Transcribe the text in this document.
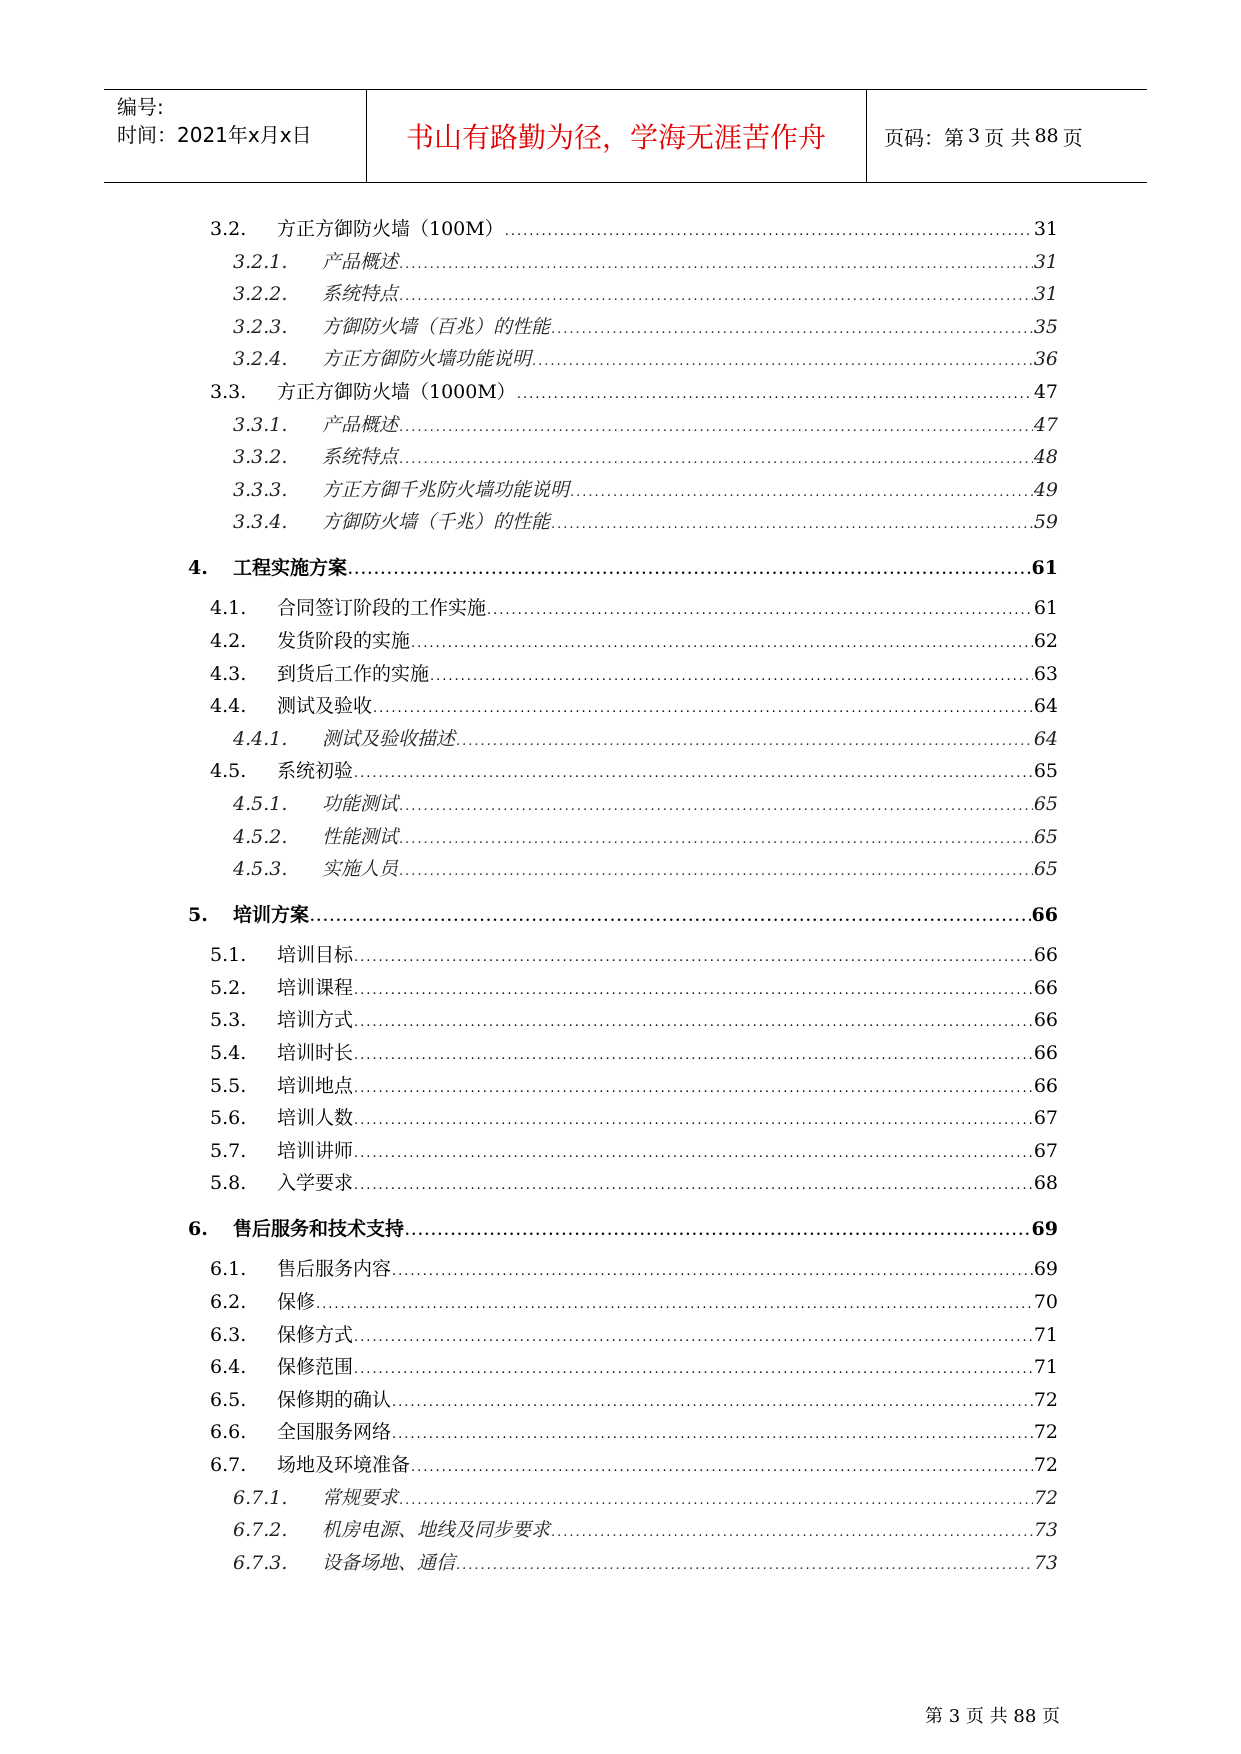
编号:
时间：2021年x月x日	书山有路勤为径，学海无涯苦作舟	页码：第 3 页 共 88 页
3.2.	方正方御防火墙（100M） .....	31
3.2.1.	产品概述 .....	31
3.2.2.	系统特点 .....	31
3.2.3.	方御防火墙（百兆）的性能 .....	35
3.2.4.	方正方御防火墙功能说明 .....	36
3.3.	方正方御防火墙（1000M） .....	47
3.3.1.	产品概述 .....	47
3.3.2.	系统特点 .....	48
3.3.3.	方正方御千兆防火墙功能说明 .....	49
3.3.4.	方御防火墙（千兆）的性能 .....	59
4.	工程实施方案 .....	61
4.1.	合同签订阶段的工作实施 .....	61
4.2.	发货阶段的实施 .....	62
4.3.	到货后工作的实施 .....	63
4.4.	测试及验收 .....	64
4.4.1.	测试及验收描述 .....	64
4.5.	系统初验 .....	65
4.5.1.	功能测试 .....	65
4.5.2.	性能测试 .....	65
4.5.3.	实施人员 .....	65
5.	培训方案 .....	66
5.1.	培训目标 .....	66
5.2.	培训课程 .....	66
5.3.	培训方式 .....	66
5.4.	培训时长 .....	66
5.5.	培训地点 .....	66
5.6.	培训人数 .....	67
5.7.	培训讲师 .....	67
5.8.	入学要求 .....	68
6.	售后服务和技术支持 .....	69
6.1.	售后服务内容 .....	69
6.2.	保修 .....	70
6.3.	保修方式 .....	71
6.4.	保修范围 .....	71
6.5.	保修期的确认 .....	72
6.6.	全国服务网络 .....	72
6.7.	场地及环境准备 .....	72
6.7.1.	常规要求 .....	72
6.7.2.	机房电源、地线及同步要求 .....	73
6.7.3.	设备场地、通信 .....	73
第 3 页 共 88 页
